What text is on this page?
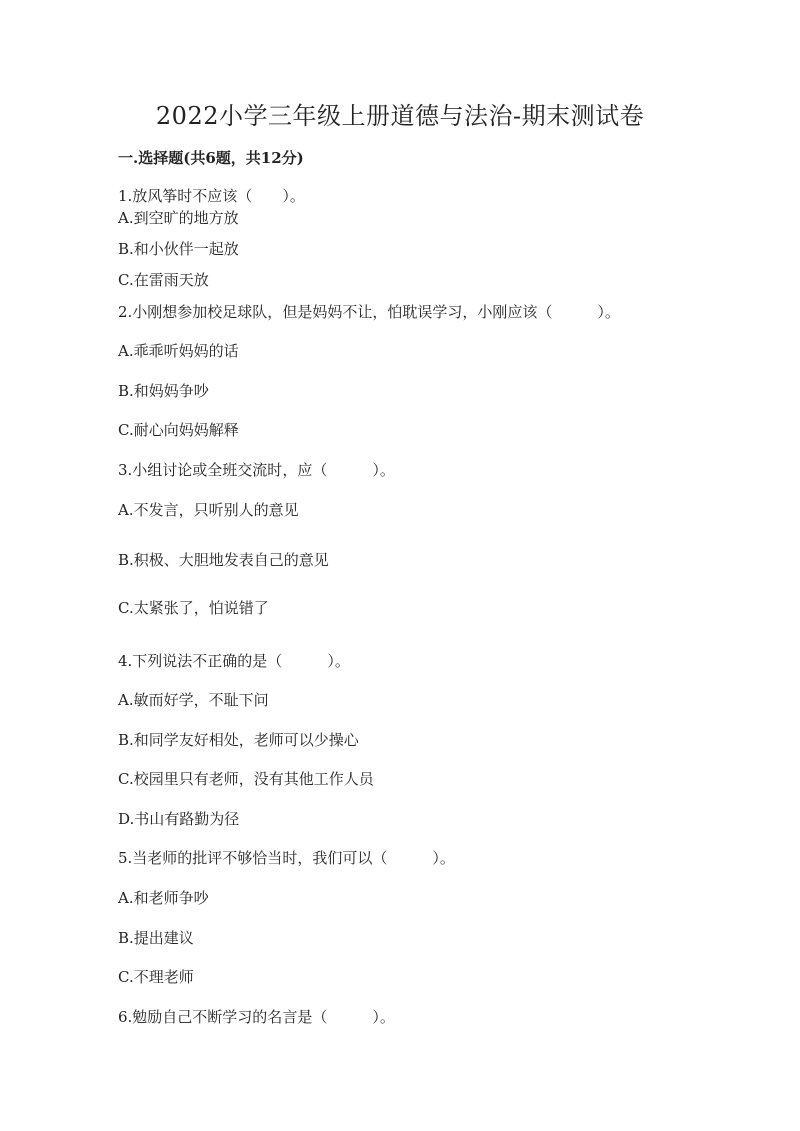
2022小学三年级上册道德与法治-期末测试卷
一.选择题(共6题，共12分)

1.放风筝时不应该（　　）。

A.到空旷的地方放

B.和小伙伴一起放

C.在雷雨天放

2.小刚想参加校足球队，但是妈妈不让，怕耽误学习，小刚应该（　　　）。

A.乖乖听妈妈的话

B.和妈妈争吵

C.耐心向妈妈解释

3.小组讨论或全班交流时，应（　　　）。

A.不发言，只听别人的意见

B.积极、大胆地发表自己的意见

C.太紧张了，怕说错了

4.下列说法不正确的是（　　　）。

A.敏而好学，不耻下问

B.和同学友好相处，老师可以少操心

C.校园里只有老师，没有其他工作人员

D.书山有路勤为径

5.当老师的批评不够恰当时，我们可以（　　　）。

A.和老师争吵

B.提出建议

C.不理老师

6.勉励自己不断学习的名言是（　　　）。
